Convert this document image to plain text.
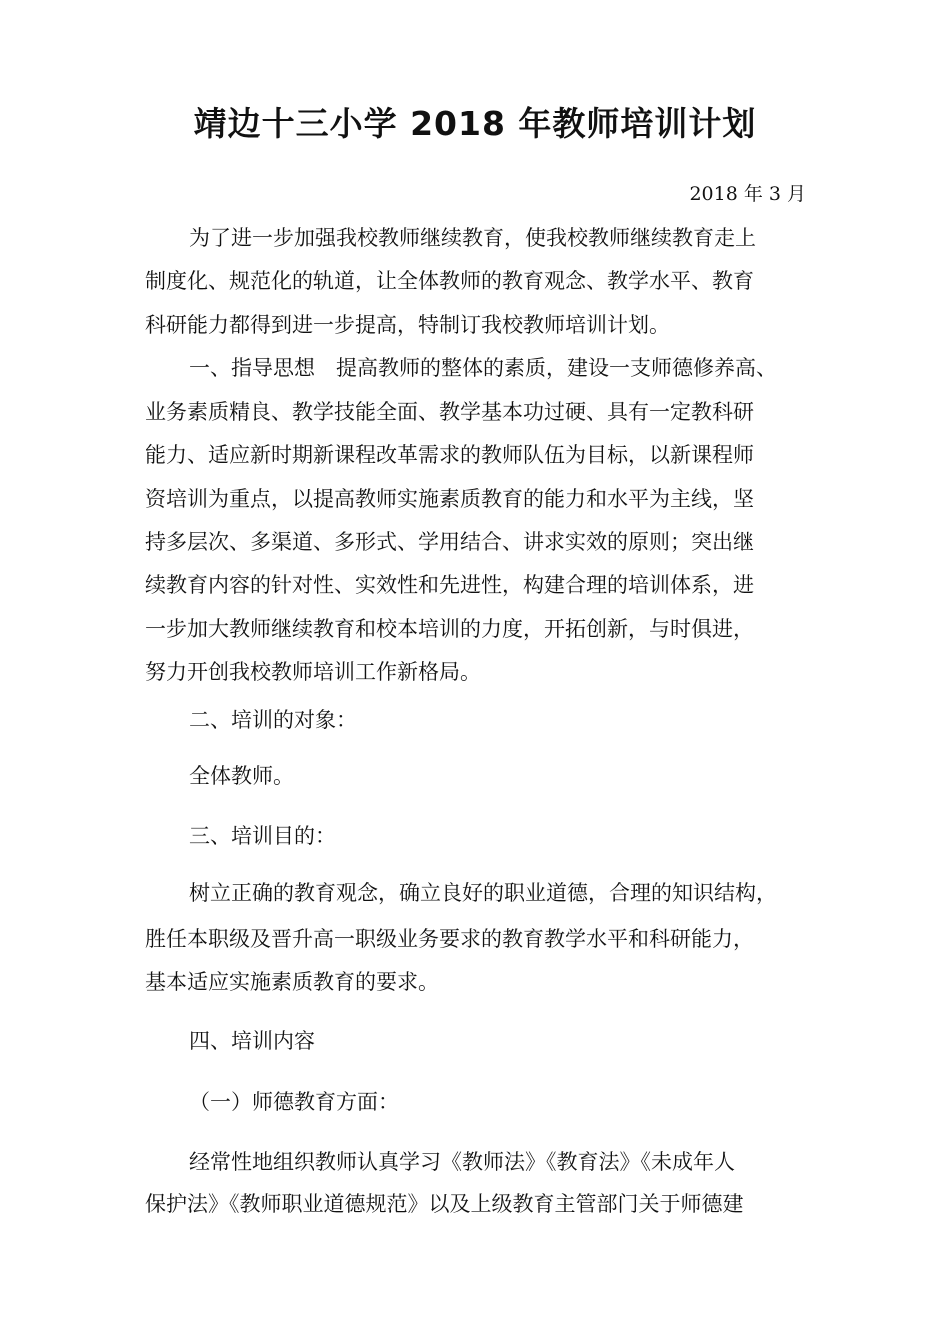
靖边十三小学 2018 年教师培训计划
2018 年 3 月

为了进一步加强我校教师继续教育，使我校教师继续教育走上

制度化、规范化的轨道，让全体教师的教育观念、教学水平、教育

科研能力都得到进一步提高，特制订我校教师培训计划。

一、指导思想　提高教师的整体的素质，建设一支师德修养高、

业务素质精良、教学技能全面、教学基本功过硬、具有一定教科研

能力、适应新时期新课程改革需求的教师队伍为目标，以新课程师

资培训为重点，以提高教师实施素质教育的能力和水平为主线，坚

持多层次、多渠道、多形式、学用结合、讲求实效的原则；突出继

续教育内容的针对性、实效性和先进性，构建合理的培训体系，进

一步加大教师继续教育和校本培训的力度，开拓创新，与时俱进，

努力开创我校教师培训工作新格局。

二、培训的对象：

全体教师。

三、培训目的：

树立正确的教育观念，确立良好的职业道德，合理的知识结构，

胜任本职级及晋升高一职级业务要求的教育教学水平和科研能力，

基本适应实施素质教育的要求。

四、培训内容

（一）师德教育方面：

经常性地组织教师认真学习《教师法》《教育法》《未成年人

保护法》《教师职业道德规范》以及上级教育主管部门关于师德建
